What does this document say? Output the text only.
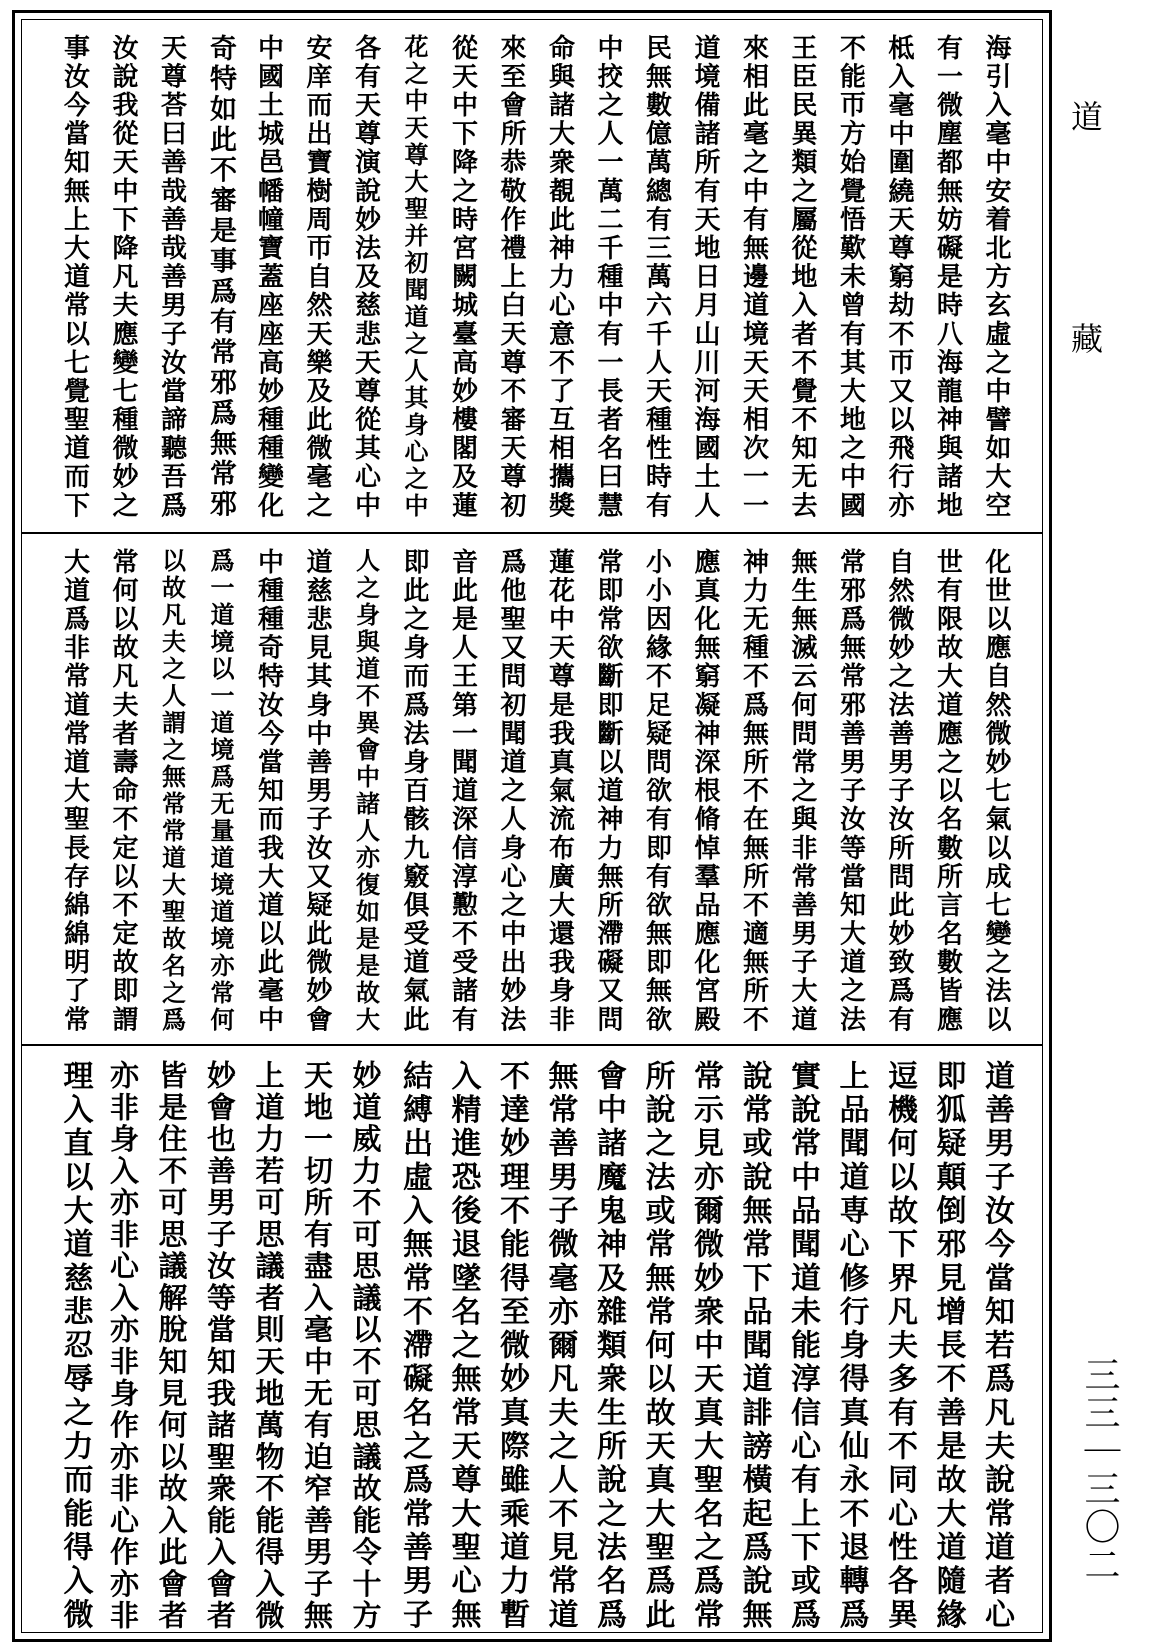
道藏
海引入毫中安着北方玄虛之中譬如大空
有一微塵都無妨礙是時八海龍神與諸地
柢入毫中圍繞天尊窮劫不帀又以飛行亦
不能帀方始覺悟歎未曾有其大地之中國
王臣民異類之屬從地入者不覺不知无去
來相此毫之中有無邊道境天天相次一一
道境備諸所有天地日月山川河海國土人
民無數億萬總有三萬六千人天種性時有
中挍之人一萬二千種中有一長者名曰慧
命與諸大衆覩此神力心意不了互相攜獎
來至會所恭敬作禮上白天尊不審天尊初
從天中下降之時宮闕城臺高妙樓閣及蓮
花之中天尊大聖并初聞道之人其身心之中
各有天尊演說妙法及慈悲天尊從其心中
安庠而出寶樹周帀自然天樂及此微毫之
中國土城邑幡幢寶蓋座座高妙種種變化
奇特如此不審是事爲有常邪爲無常邪
天尊荅曰善哉善哉善男子汝當諦聽吾爲
汝說我從天中下降凡夫應變七種微妙之
事汝今當知無上大道常以七覺聖道而下
化世以應自然微妙七氣以成七變之法以
世有限故大道應之以名數所言名數皆應
自然微妙之法善男子汝所問此妙致爲有
常邪爲無常邪善男子汝等當知大道之法
無生無滅云何問常之與非常善男子大道
神力无種不爲無所不在無所不適無所不
應真化無窮凝神深根脩悼羣品應化宮殿
小小因緣不足疑問欲有即有欲無即無欲
常即常欲斷即斷以道神力無所滯礙又問
蓮花中天尊是我真氣流布廣大還我身非
爲他聖又問初聞道之人身心之中出妙法
音此是人王第一聞道深信淳懃不受諸有
即此之身而爲法身百骸九竅俱受道氣此
人之身與道不異會中諸人亦復如是是故大
道慈悲見其身中善男子汝又疑此微妙會
中種種奇特汝今當知而我大道以此毫中
爲一道境以一道境爲无量道境道境亦常何
以故凡夫之人謂之無常常道大聖故名之爲
常何以故凡夫者壽命不定以不定故即謂
大道爲非常道常道大聖長存綿綿明了常
道善男子汝今當知若爲凡夫說常道者心
即狐疑顛倒邪見增長不善是故大道隨緣
逗機何以故下界凡夫多有不同心性各異
上品聞道専心修行身得真仙永不退轉爲
實說常中品聞道未能淳信心有上下或爲
說常或說無常下品聞道誹謗橫起爲說無
常示見亦爾微妙衆中天真大聖名之爲常
所說之法或常無常何以故天真大聖爲此
會中諸魔鬼神及雜類衆生所說之法名爲
無常善男子微毫亦爾凡夫之人不見常道
不達妙理不能得至微妙真際雖乘道力暫
入精進恐後退墜名之無常天尊大聖心無
結縛出虛入無常不滯礙名之爲常善男子
妙道威力不可思議以不可思議故能令十方
天地一切所有盡入毫中无有迫窄善男子無
上道力若可思議者則天地萬物不能得入微
妙會也善男子汝等當知我諸聖衆能入會者
皆是住不可思議解脫知見何以故入此會者
亦非身入亦非心入亦非身作亦非心作亦非
理入直以大道慈悲忍辱之力而能得入微	三三｜三〇二
